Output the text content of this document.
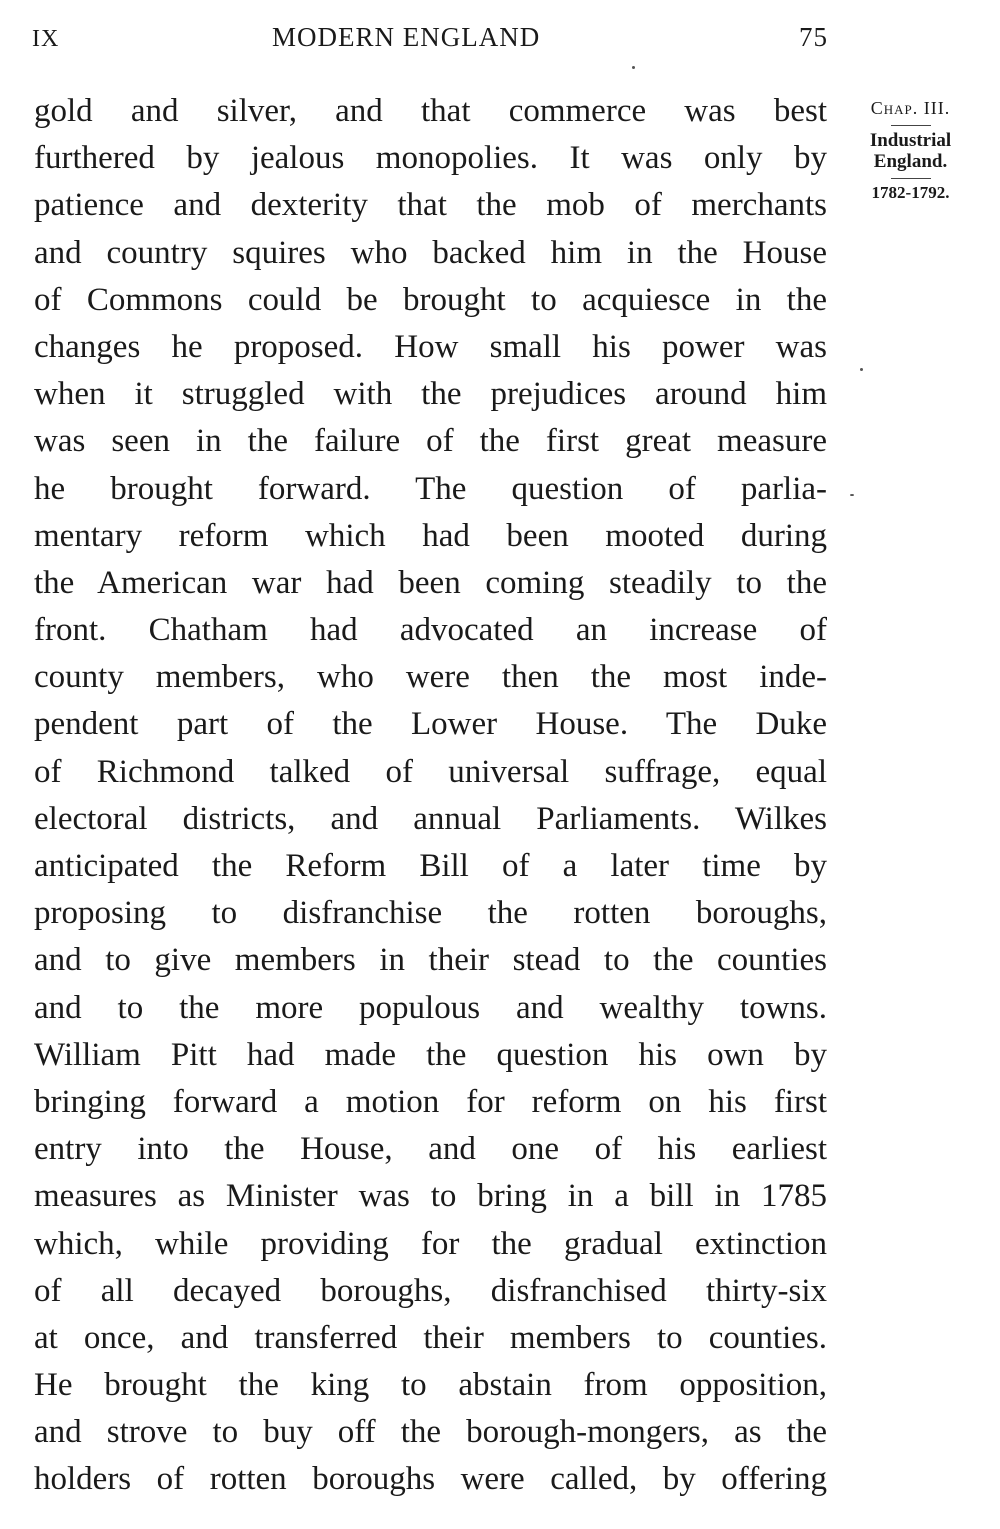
IX	MODERN ENGLAND	75
gold and silver, and that commerce was best
furthered by jealous monopolies. It was only by
patience and dexterity that the mob of merchants
and country squires who backed him in the House
of Commons could be brought to acquiesce in the
changes he proposed. How small his power was
when it struggled with the prejudices around him
was seen in the failure of the first great measure
he brought forward. The question of parlia-
mentary reform which had been mooted during
the American war had been coming steadily to the
front. Chatham had advocated an increase of
county members, who were then the most inde-
pendent part of the Lower House. The Duke
of Richmond talked of universal suffrage, equal
electoral districts, and annual Parliaments. Wilkes
anticipated the Reform Bill of a later time by
proposing to disfranchise the rotten boroughs,
and to give members in their stead to the counties
and to the more populous and wealthy towns.
William Pitt had made the question his own by
bringing forward a motion for reform on his first
entry into the House, and one of his earliest
measures as Minister was to bring in a bill in 1785
which, while providing for the gradual extinction
of all decayed boroughs, disfranchised thirty-six
at once, and transferred their members to counties.
He brought the king to abstain from opposition,
and strove to buy off the borough-mongers, as the
holders of rotten boroughs were called, by offering
Chap. III.
Industrial
England.
1782-1792.
